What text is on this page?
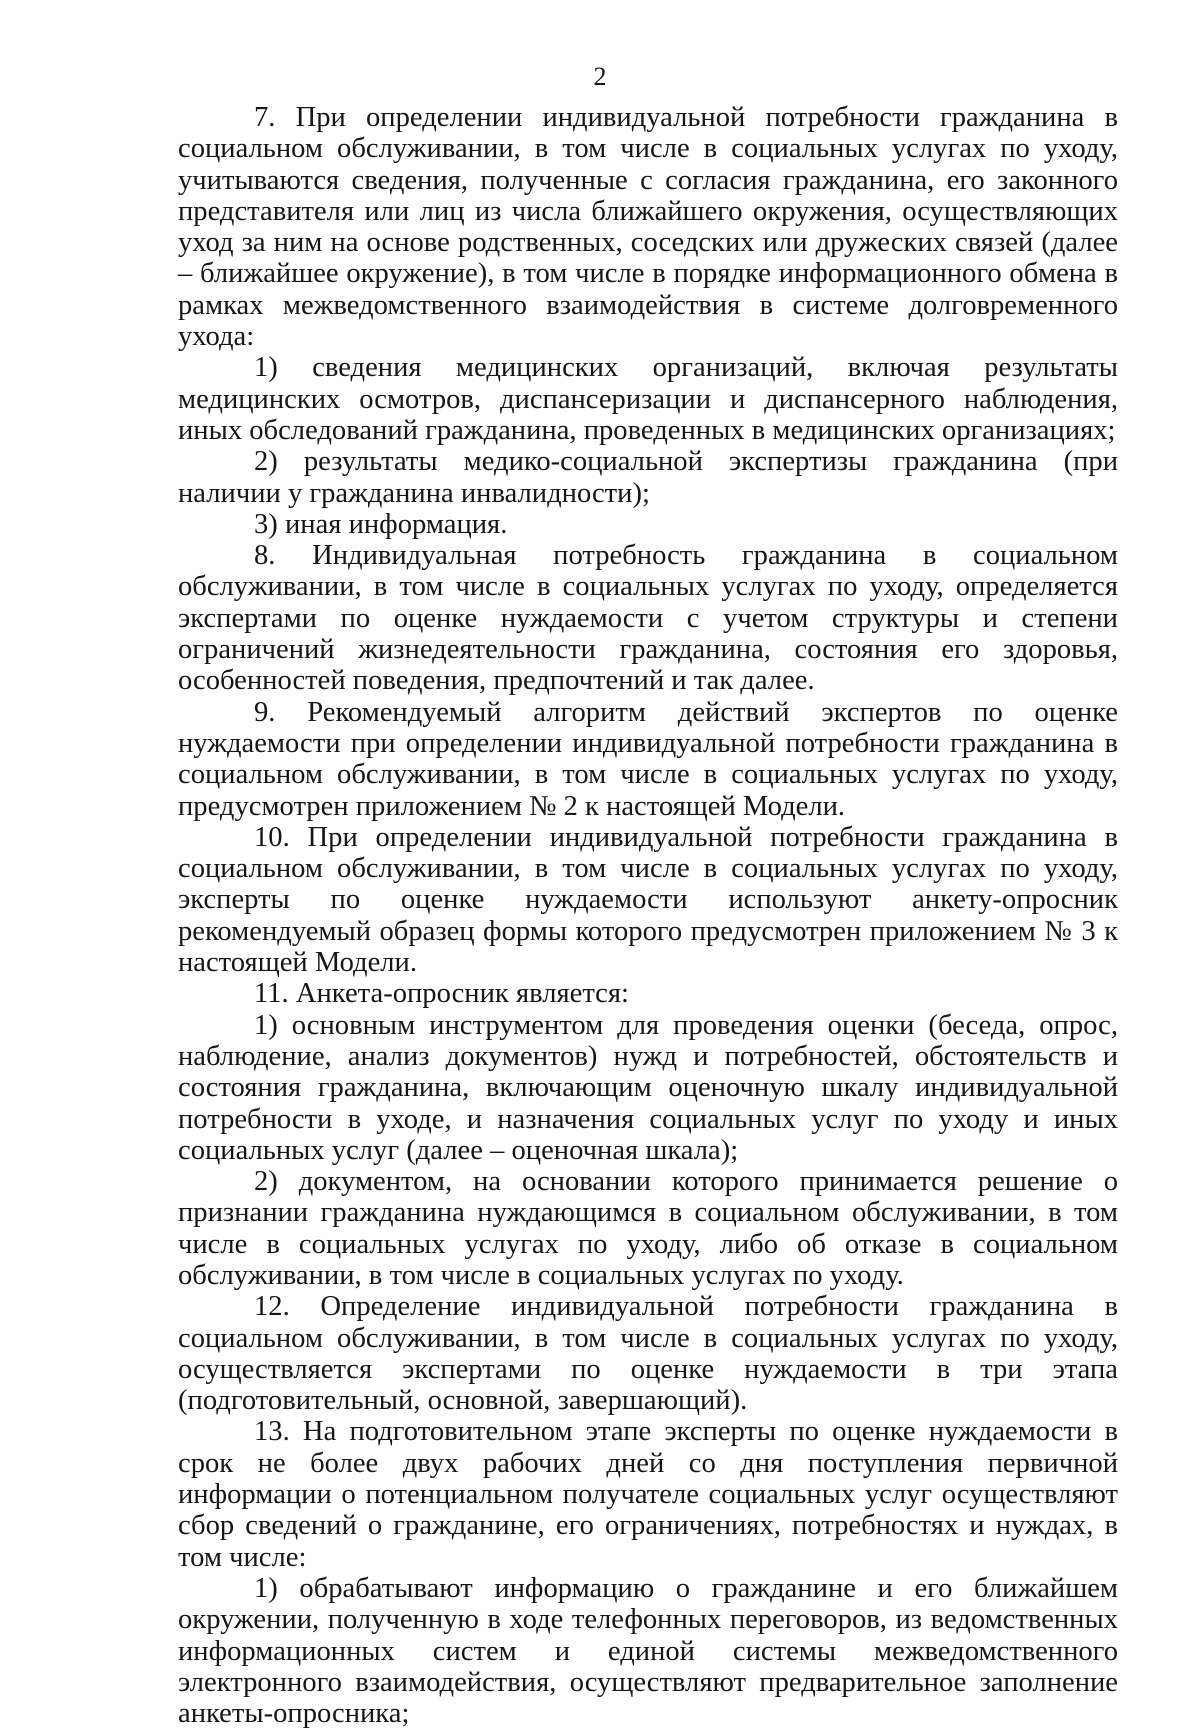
2

7. При определении индивидуальной потребности гражданина в социальном обслуживании, в том числе в социальных услугах по уходу, учитываются сведения, полученные с согласия гражданина, его законного представителя или лиц из числа ближайшего окружения, осуществляющих уход за ним на основе родственных, соседских или дружеских связей (далее – ближайшее окружение), в том числе в порядке информационного обмена в рамках межведомственного взаимодействия в системе долговременного ухода:

1) сведения медицинских организаций, включая результаты медицинских осмотров, диспансеризации и диспансерного наблюдения, иных обследований гражданина, проведенных в медицинских организациях;

2) результаты медико-социальной экспертизы гражданина (при наличии у гражданина инвалидности);

3) иная информация.

8. Индивидуальная потребность гражданина в социальном обслуживании, в том числе в социальных услугах по уходу, определяется экспертами по оценке нуждаемости с учетом структуры и степени ограничений жизнедеятельности гражданина, состояния его здоровья, особенностей поведения, предпочтений и так далее.

9. Рекомендуемый алгоритм действий экспертов по оценке нуждаемости при определении индивидуальной потребности гражданина в социальном обслуживании, в том числе в социальных услугах по уходу, предусмотрен приложением № 2 к настоящей Модели.

10. При определении индивидуальной потребности гражданина в социальном обслуживании, в том числе в социальных услугах по уходу, эксперты по оценке нуждаемости используют анкету-опросник рекомендуемый образец формы которого предусмотрен приложением № 3 к настоящей Модели.

11. Анкета-опросник является:

1) основным инструментом для проведения оценки (беседа, опрос, наблюдение, анализ документов) нужд и потребностей, обстоятельств и состояния гражданина, включающим оценочную шкалу индивидуальной потребности в уходе, и назначения социальных услуг по уходу и иных социальных услуг (далее – оценочная шкала);

2) документом, на основании которого принимается решение о признании гражданина нуждающимся в социальном обслуживании, в том числе в социальных услугах по уходу, либо об отказе в социальном обслуживании, в том числе в социальных услугах по уходу.

12. Определение индивидуальной потребности гражданина в социальном обслуживании, в том числе в социальных услугах по уходу, осуществляется экспертами по оценке нуждаемости в три этапа (подготовительный, основной, завершающий).

13. На подготовительном этапе эксперты по оценке нуждаемости в срок не более двух рабочих дней со дня поступления первичной информации о потенциальном получателе социальных услуг осуществляют сбор сведений о гражданине, его ограничениях, потребностях и нуждах, в том числе:

1) обрабатывают информацию о гражданине и его ближайшем окружении, полученную в ходе телефонных переговоров, из ведомственных информационных систем и единой системы межведомственного электронного взаимодействия, осуществляют предварительное заполнение анкеты-опросника;
